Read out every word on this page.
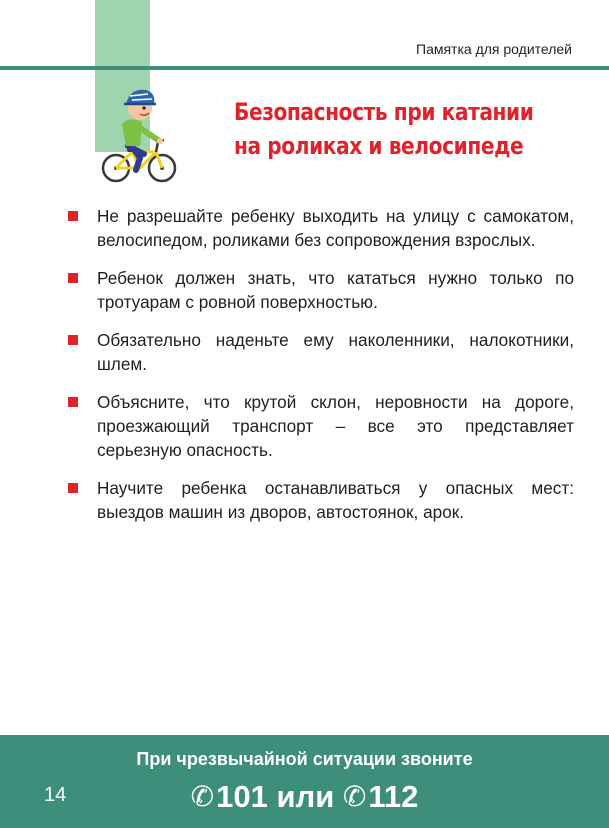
Памятка для родителей
Безопасность при катании
на роликах и велосипеде
Не разрешайте ребенку выходить на улицу с самокатом, велосипедом, роликами без сопровождения взрослых.
Ребенок должен знать, что кататься нужно только по тротуарам с ровной поверхностью.
Обязательно наденьте ему наколенники, налокотники, шлем.
Объясните, что крутой склон, неровности на дороге, проезжающий транспорт – все это представляет серьезную опасность.
Научите ребенка останавливаться у опасных мест: выездов машин из дворов, автостоянок, арок.
14
При чрезвычайной ситуации звоните
✆101 или ✆112
